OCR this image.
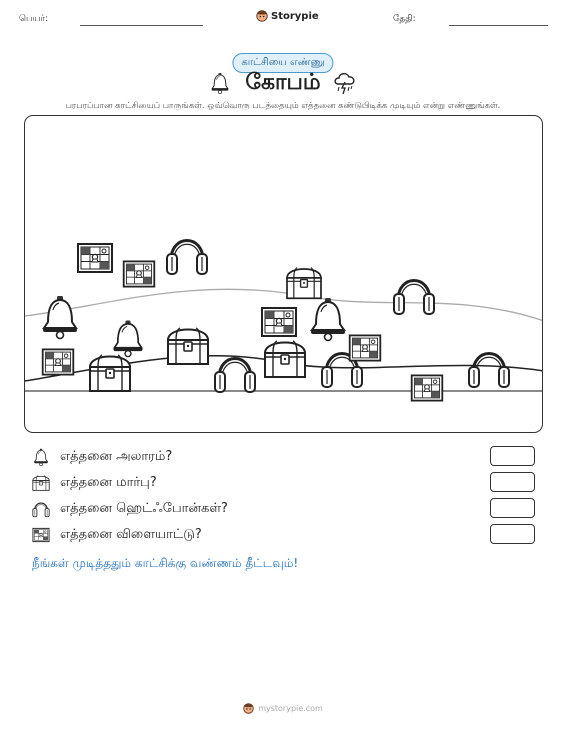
பெயர்:	Storypie	தேதி:
காட்சியை எண்ணு
கோபம்
பரபரப்பான காட்சியைப் பாருங்கள். ஒவ்வொரு படத்தையும் எத்தனை கண்டுபிடிக்க முடியும் என்று எண்ணுங்கள்.
எத்தனை அலாரம்?
எத்தனை மார்பு?
எத்தனை ஹெட்ஃபோன்கள்?
எத்தனை விளையாட்டு?
நீங்கள் முடித்ததும் காட்சிக்கு வண்ணம் தீட்டவும்!
mystorypie.com
